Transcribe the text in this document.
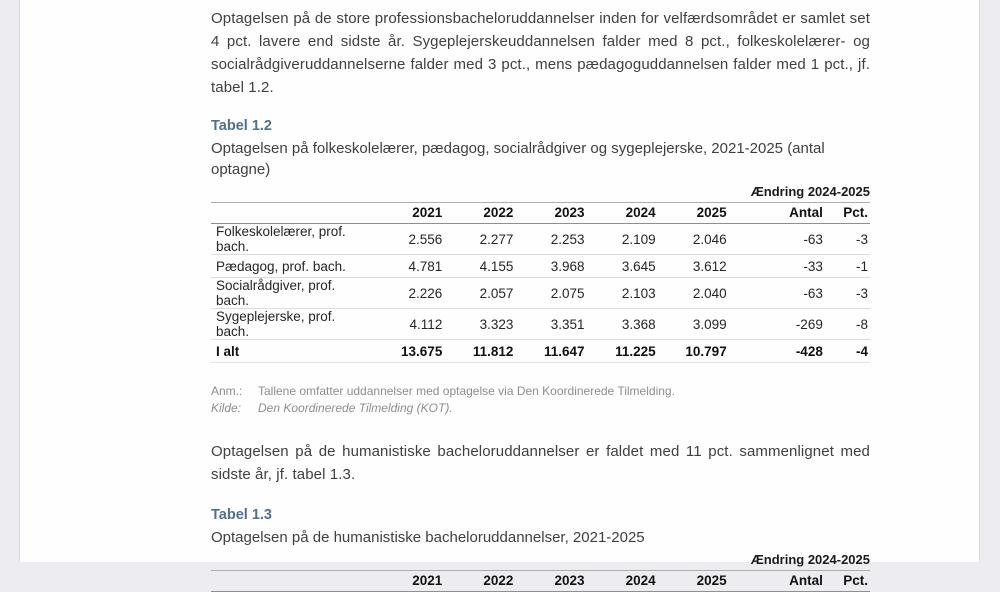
Optagelsen på de store professionsbacheloruddannelser inden for velfærdsområdet er samlet set 4 pct. lavere end sidste år. Sygeplejerskeuddannelsen falder med 8 pct., folkeskolelærer- og socialrådgiveruddannelserne falder med 3 pct., mens pædagoguddannelsen falder med 1 pct., jf. tabel 1.2.

Tabel 1.2
Optagelsen på folkeskolelærer, pædagog, socialrådgiver og sygeplejerske, 2021-2025 (antal optagne)
Ændring 2024-2025
	2021	2022	2023	2024	2025	Antal	Pct.
Folkeskolelærer, prof. bach.	2.556	2.277	2.253	2.109	2.046	-63	-3
Pædagog, prof. bach.	4.781	4.155	3.968	3.645	3.612	-33	-1
Socialrådgiver, prof. bach.	2.226	2.057	2.075	2.103	2.040	-63	-3
Sygeplejerske, prof. bach.	4.112	3.323	3.351	3.368	3.099	-269	-8
I alt	13.675	11.812	11.647	11.225	10.797	-428	-4
Anm.:	Tallene omfatter uddannelser med optagelse via Den Koordinerede Tilmelding.
Kilde:	Den Koordinerede Tilmelding (KOT).

Optagelsen på de humanistiske bacheloruddannelser er faldet med 11 pct. sammenlignet med sidste år, jf. tabel 1.3.

Tabel 1.3
Optagelsen på de humanistiske bacheloruddannelser, 2021-2025
Ændring 2024-2025
	2021	2022	2023	2024	2025	Antal	Pct.
